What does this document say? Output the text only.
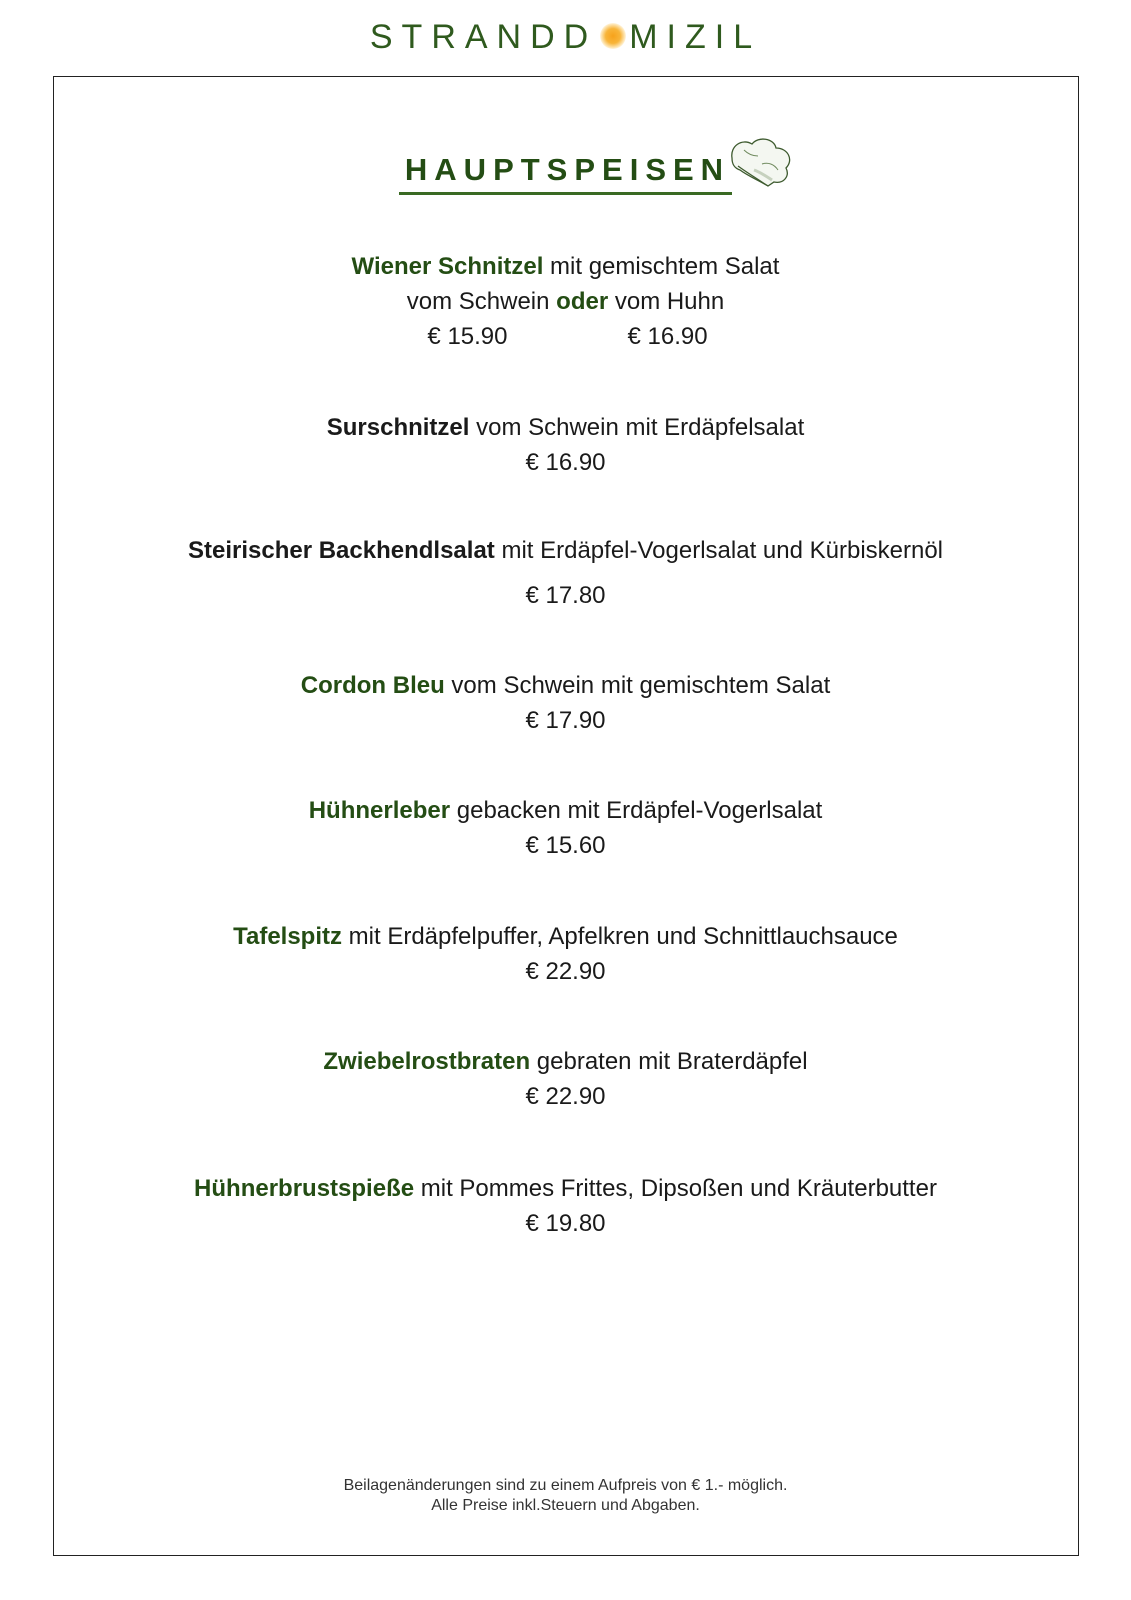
STRANDD MIZIL
HAUPTSPEISEN
Wiener Schnitzel mit gemischtem Salat
vom Schwein oder vom Huhn
€ 15.90	€ 16.90
Surschnitzel vom Schwein mit Erdäpfelsalat
€ 16.90
Steirischer Backhendlsalat mit Erdäpfel-Vogerlsalat und Kürbiskernöl
€ 17.80
Cordon Bleu vom Schwein mit gemischtem Salat
€ 17.90
Hühnerleber gebacken mit Erdäpfel-Vogerlsalat
€ 15.60
Tafelspitz mit Erdäpfelpuffer, Apfelkren und Schnittlauchsauce
€ 22.90
Zwiebelrostbraten gebraten mit Braterdäpfel
€ 22.90
Hühnerbrustspieße mit Pommes Frittes, Dipsoßen und Kräuterbutter
€ 19.80
Beilagenänderungen sind zu einem Aufpreis von € 1.- möglich.
Alle Preise inkl.Steuern und Abgaben.
